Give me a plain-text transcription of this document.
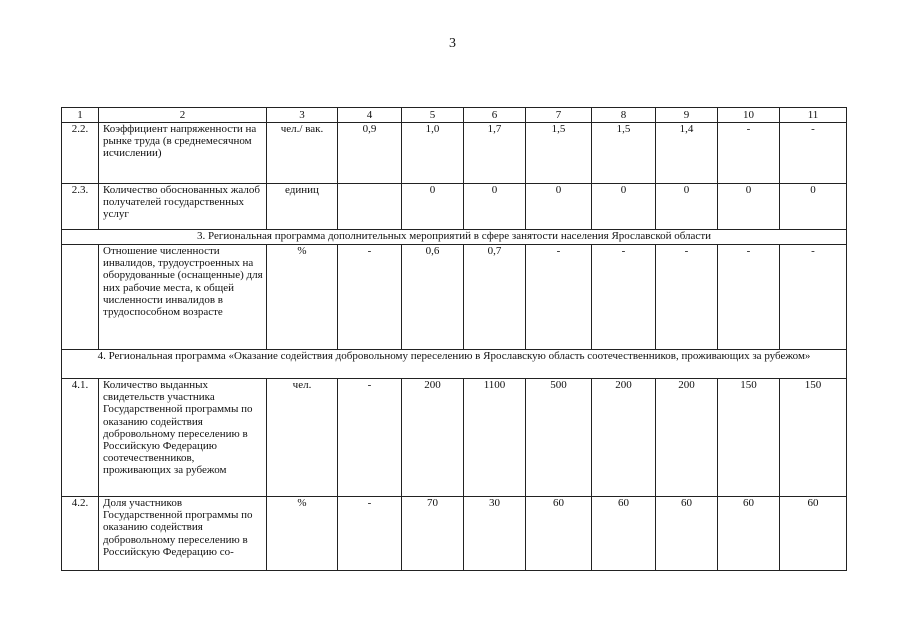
3
1	2	3	4	5	6	7	8	9	10	11
2.2.	Коэффициент напряженности на рынке труда (в среднемесячном исчислении)	чел./ вак.	0,9	1,0	1,7	1,5	1,5	1,4	-	-
2.3.	Количество обоснованных жалоб получателей государственных услуг	единиц		0	0	0	0	0	0	0
3. Региональная программа дополнительных мероприятий в сфере занятости населения Ярославской области										
	Отношение численности инвалидов, трудоустроенных на оборудованные (оснащенные) для них рабочие места, к общей численности инвалидов в трудоспособном возрасте	%	-	0,6	0,7	-	-	-	-	-
4. Региональная программа «Оказание содействия добровольному переселению в Ярославскую область соотечественников, проживающих за рубежом»										
4.1.	Количество выданных свидетельств участника Государственной программы по оказанию содействия добровольному переселению в Российскую Федерацию соотечественников, проживающих за рубежом	чел.	-	200	1100	500	200	200	150	150
4.2.	Доля участников Государственной программы по оказанию содействия добровольному переселению в Российскую Федерацию со-	%	-	70	30	60	60	60	60	60
